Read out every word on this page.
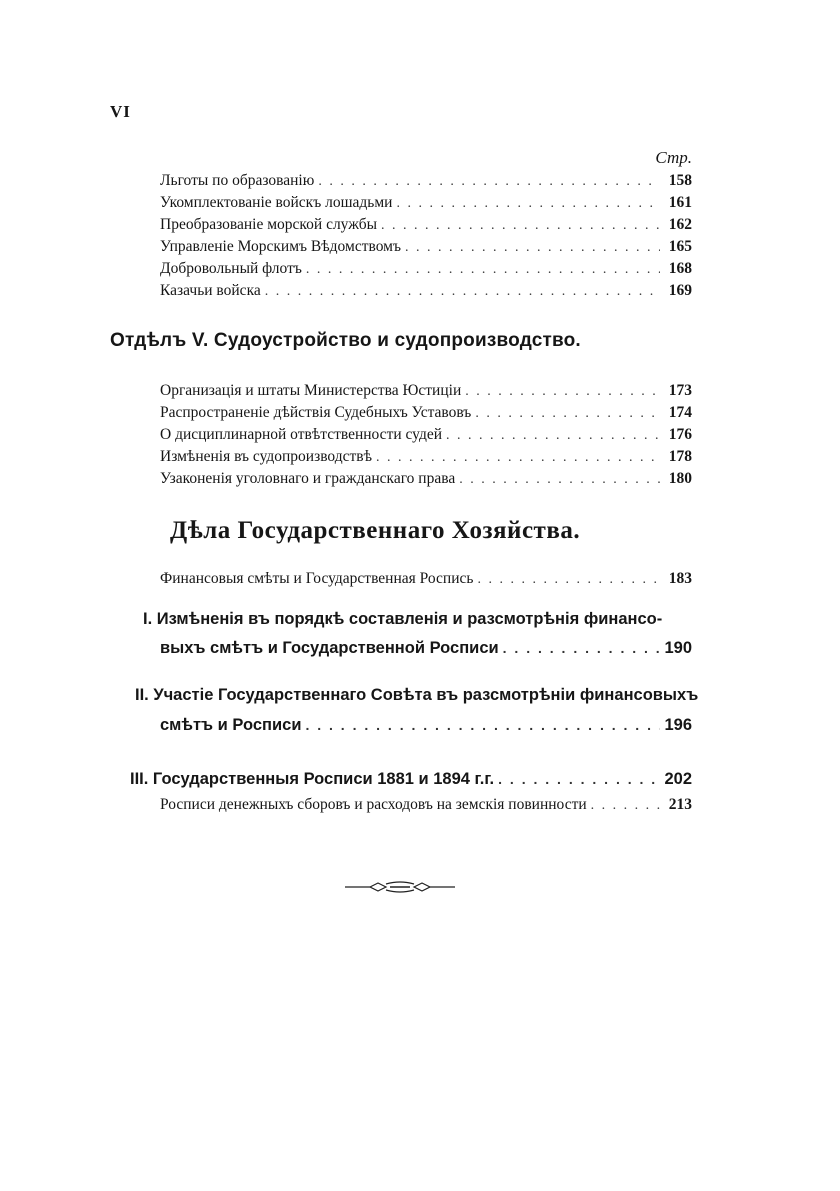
VI
Стр.
Льготы по образованію . . .	158
Укомплектованіе войскъ лошадьми . . .	161
Преобразованіе морской службы . . .	162
Управленіе Морскимъ Вѣдомствомъ . . .	165
Добровольный флотъ . . .	168
Казачьи войска . . .	169
Отдѣлъ V. Судоустройство и судопроизводство.
Организація и штаты Министерства Юстиціи . . .	173
Распространеніе дѣйствія Судебныхъ Уставовъ . . .	174
О дисциплинарной отвѣтственности судей . . .	176
Измѣненія въ судопроизводствѣ . . .	178
Узаконенія уголовнаго и гражданскаго права . . .	180
Дѣла Государственнаго Хозяйства.
Финансовыя смѣты и Государственная Роспись . . .	183
I. Измѣненія въ порядкѣ составленія и разсмотрѣнія финансо-
выхъ смѣтъ и Государственной Росписи . . .	190
II. Участіе Государственнаго Совѣта въ разсмотрѣніи финансовыхъ
смѣтъ и Росписи . . .	196
III. Государственныя Росписи 1881 и 1894 г.г. . . .	202
Росписи денежныхъ сборовъ и расходовъ на земскія повинности . . .	213
